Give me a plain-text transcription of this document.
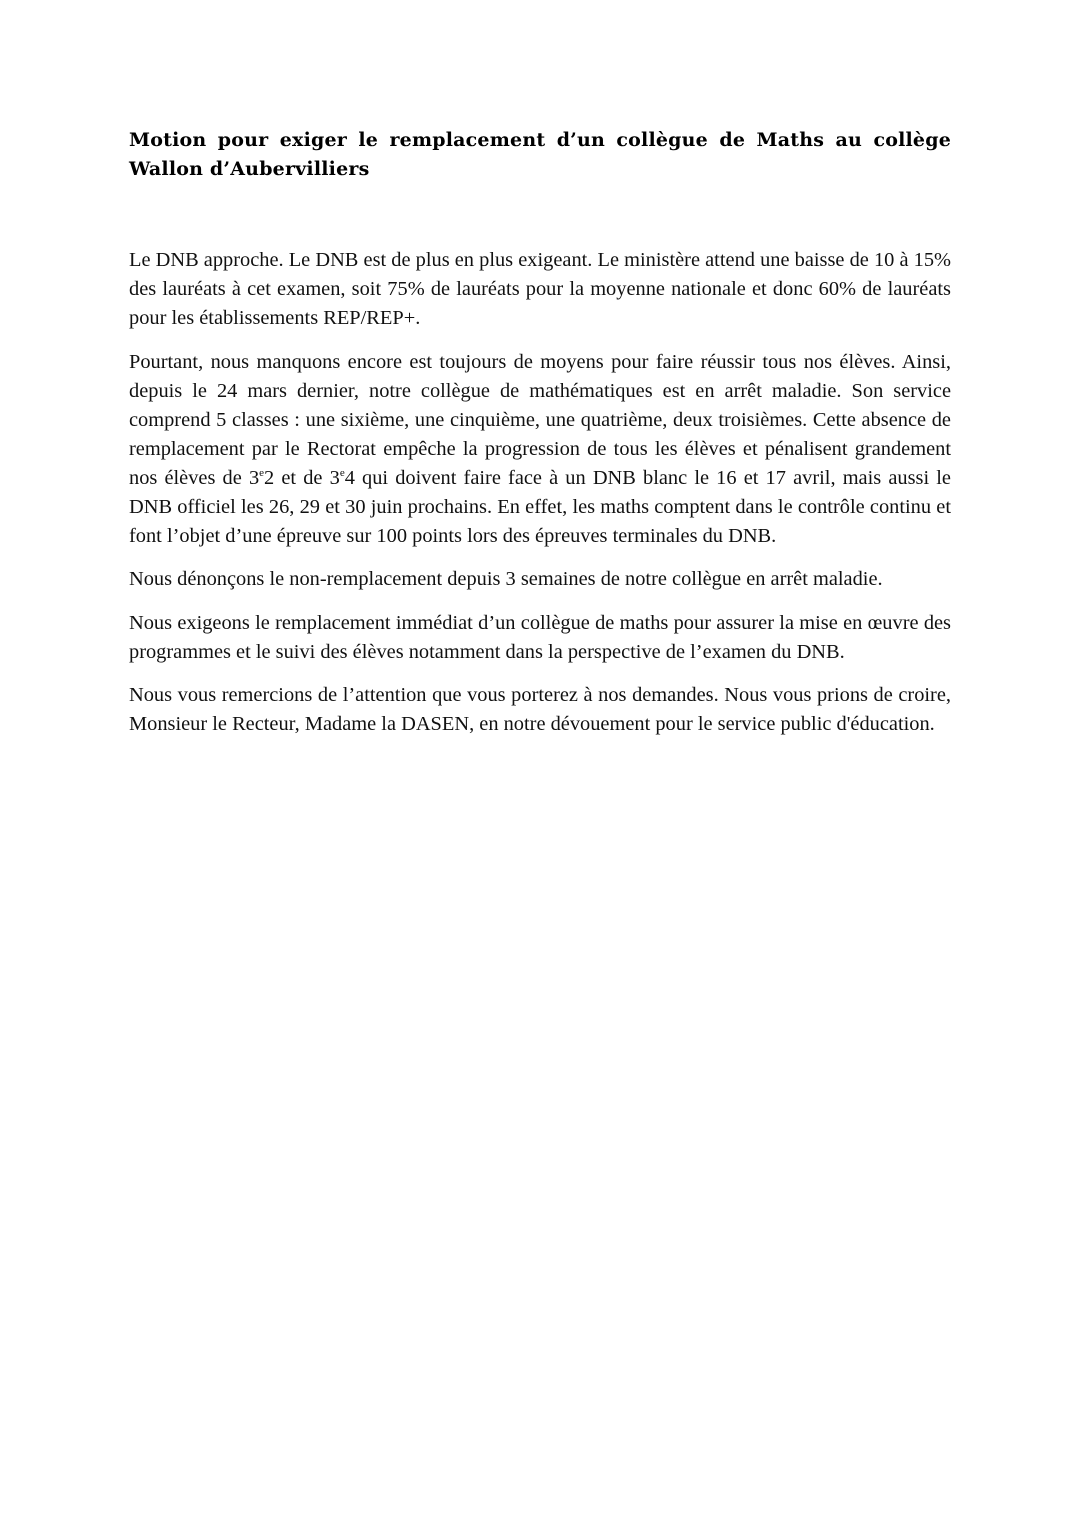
Motion pour exiger le remplacement d’un collègue de Maths au collège Wallon d’Aubervilliers

Le DNB approche. Le DNB est de plus en plus exigeant. Le ministère attend une baisse de 10 à 15% des lauréats à cet examen, soit 75% de lauréats pour la moyenne nationale et donc 60% de lauréats pour les établissements REP/REP+.

Pourtant, nous manquons encore est toujours de moyens pour faire réussir tous nos élèves. Ainsi, depuis le 24 mars dernier, notre collègue de mathématiques est en arrêt maladie. Son service comprend 5 classes : une sixième, une cinquième, une quatrième, deux troisièmes. Cette absence de remplacement par le Rectorat empêche la progression de tous les élèves et pénalisent grandement nos élèves de 3e2 et de 3e4 qui doivent faire face à un DNB blanc le 16 et 17 avril, mais aussi le DNB officiel les 26, 29 et 30 juin prochains. En effet, les maths comptent dans le contrôle continu et font l’objet d’une épreuve sur 100 points lors des épreuves terminales du DNB.

Nous dénonçons le non-remplacement depuis 3 semaines de notre collègue en arrêt maladie.

Nous exigeons le remplacement immédiat d’un collègue de maths pour assurer la mise en œuvre des programmes et le suivi des élèves notamment dans la perspective de l’examen du DNB.

Nous vous remercions de l’attention que vous porterez à nos demandes. Nous vous prions de croire, Monsieur le Recteur, Madame la DASEN, en notre dévouement pour le service public d'éducation.
